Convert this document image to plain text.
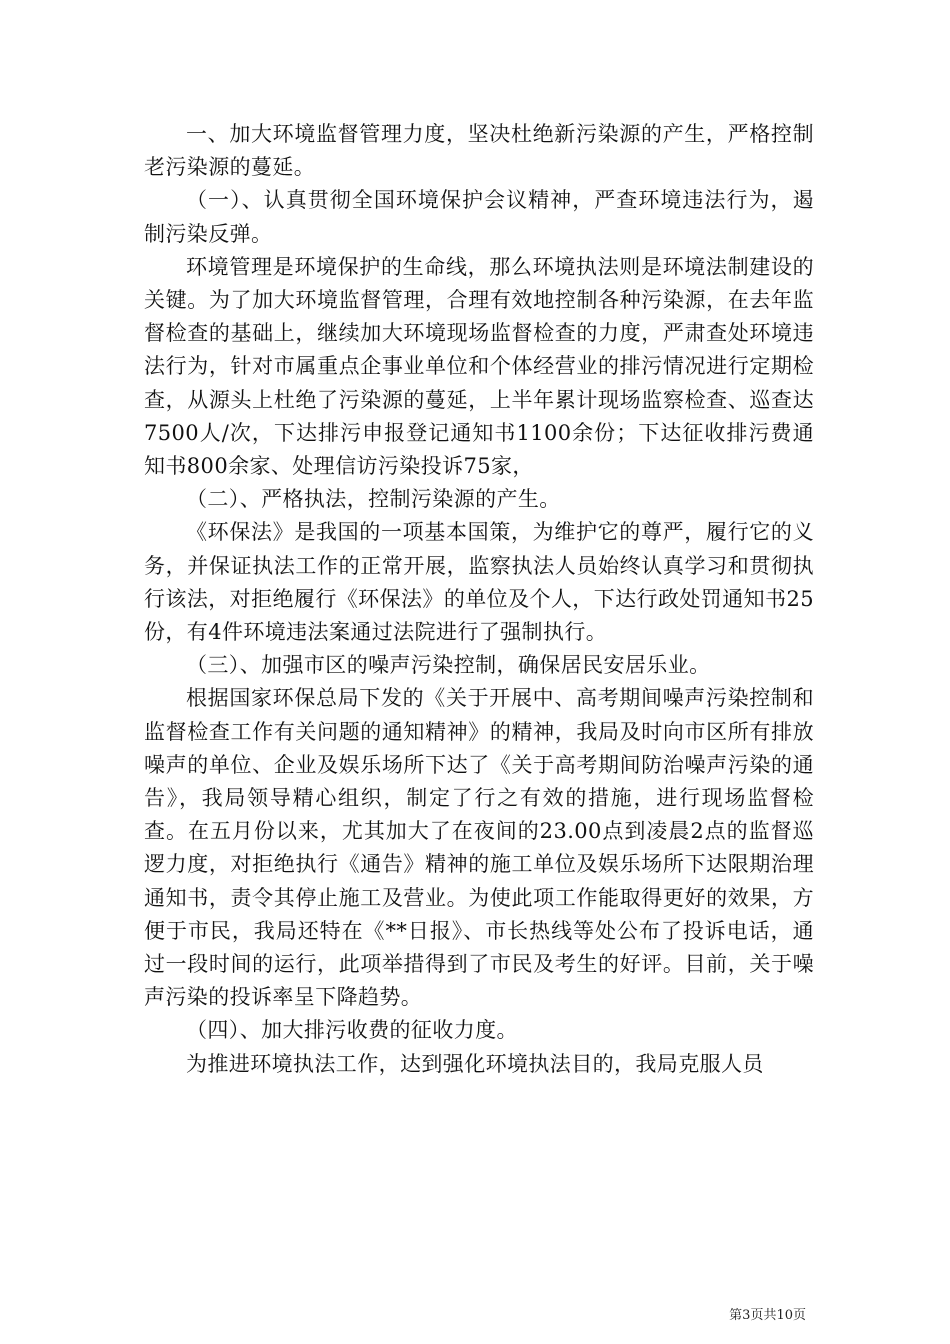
一、加大环境监督管理力度，坚决杜绝新污染源的产生，严格控制老污染源的蔓延。

（一）、认真贯彻全国环境保护会议精神，严查环境违法行为，遏制污染反弹。

环境管理是环境保护的生命线，那么环境执法则是环境法制建设的关键。为了加大环境监督管理，合理有效地控制各种污染源，在去年监督检查的基础上，继续加大环境现场监督检查的力度，严肃查处环境违法行为，针对市属重点企事业单位和个体经营业的排污情况进行定期检查，从源头上杜绝了污染源的蔓延，上半年累计现场监察检查、巡查达7500人/次，下达排污申报登记通知书1100余份；下达征收排污费通知书800余家、处理信访污染投诉75家，

（二）、严格执法，控制污染源的产生。

《环保法》是我国的一项基本国策，为维护它的尊严，履行它的义务，并保证执法工作的正常开展，监察执法人员始终认真学习和贯彻执行该法，对拒绝履行《环保法》的单位及个人，下达行政处罚通知书25份，有4件环境违法案通过法院进行了强制执行。

（三）、加强市区的噪声污染控制，确保居民安居乐业。

根据国家环保总局下发的《关于开展中、高考期间噪声污染控制和监督检查工作有关问题的通知精神》的精神，我局及时向市区所有排放噪声的单位、企业及娱乐场所下达了《关于高考期间防治噪声污染的通告》，我局领导精心组织，制定了行之有效的措施，进行现场监督检查。在五月份以来，尤其加大了在夜间的23.00点到凌晨2点的监督巡逻力度，对拒绝执行《通告》精神的施工单位及娱乐场所下达限期治理通知书，责令其停止施工及营业。为使此项工作能取得更好的效果，方便于市民，我局还特在《**日报》、市长热线等处公布了投诉电话，通过一段时间的运行，此项举措得到了市民及考生的好评。目前，关于噪声污染的投诉率呈下降趋势。

（四）、加大排污收费的征收力度。

为推进环境执法工作，达到强化环境执法目的，我局克服人员

第3页共10页
